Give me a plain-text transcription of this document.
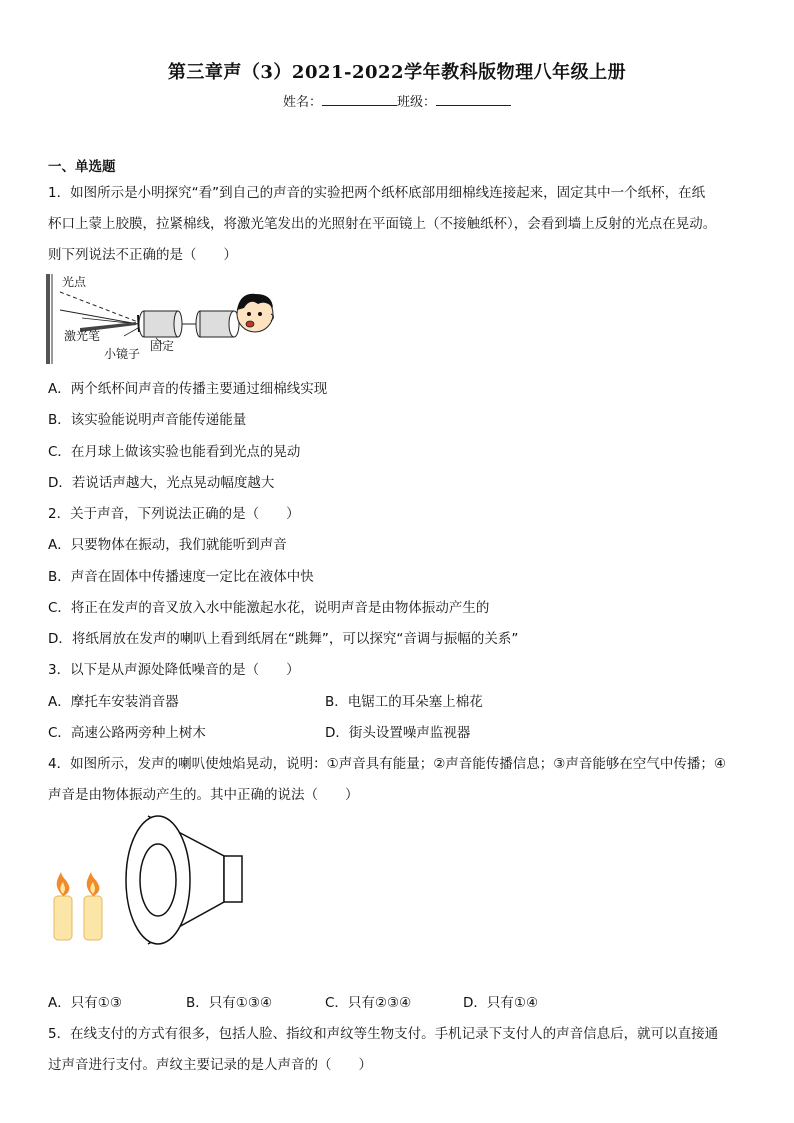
第三章声（3）2021-2022学年教科版物理八年级上册
姓名：	班级：
一、单选题
1．如图所示是小明探究“看”到自己的声音的实验把两个纸杯底部用细棉线连接起来，固定其中一个纸杯，在纸
杯口上蒙上胶膜，拉紧棉线，将激光笔发出的光照射在平面镜上（不接触纸杯），会看到墙上反射的光点在晃动。
则下列说法不正确的是（　　）
光点
激光笔
小镜子
固定
A．两个纸杯间声音的传播主要通过细棉线实现
B．该实验能说明声音能传递能量
C．在月球上做该实验也能看到光点的晃动
D．若说话声越大，光点晃动幅度越大
2．关于声音，下列说法正确的是（　　）
A．只要物体在振动，我们就能听到声音
B．声音在固体中传播速度一定比在液体中快
C．将正在发声的音叉放入水中能激起水花，说明声音是由物体振动产生的
D．将纸屑放在发声的喇叭上看到纸屑在“跳舞”，可以探究“音调与振幅的关系”
3．以下是从声源处降低噪音的是（　　）
A．摩托车安装消音器	B．电锯工的耳朵塞上棉花
C．高速公路两旁种上树木	D．街头设置噪声监视器
4．如图所示，发声的喇叭使烛焰晃动，说明：①声音具有能量；②声音能传播信息；③声音能够在空气中传播；④
声音是由物体振动产生的。其中正确的说法（　　）
A．只有①③	B．只有①③④	C．只有②③④	D．只有①④
5．在线支付的方式有很多，包括人脸、指纹和声纹等生物支付。手机记录下支付人的声音信息后，就可以直接通
过声音进行支付。声纹主要记录的是人声音的（　　）
